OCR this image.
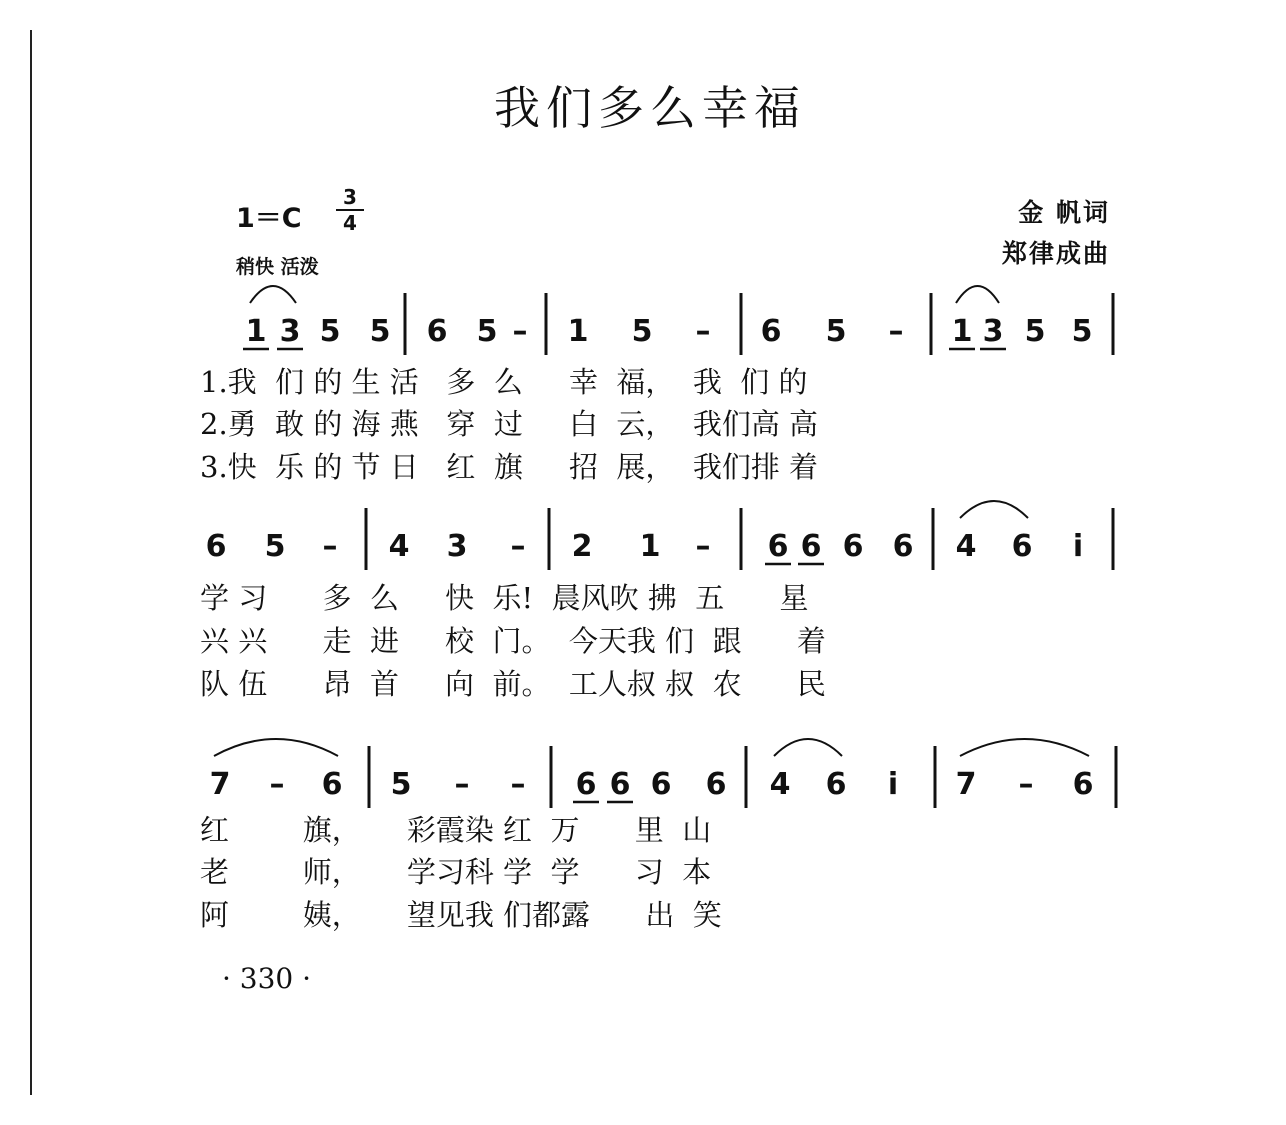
我们多么幸福
1＝C
3
4
稍快 活泼
金 帆词
郑律成曲
1 3 5 5 6 5 – 1 5 – 6 5 – 1 3 5 5
6 5 – 4 3 – 2 1 – 6 6 6 6 4 6 i
7 – 6 5 – – 6 6 6 6 4 6 i 7 – 6
1.我  们 的 生 活   多  么     幸  福，  我  们 的
2.勇  敢 的 海 燕   穿  过     白  云，  我们高 高
3.快  乐 的 节 日   红  旗     招  展，  我们排 着
学 习      多  么     快  乐!  晨风吹 拂  五      星
兴 兴      走  进     校  门。  今天我 们  跟      着
队 伍      昂  首     向  前。  工人叔 叔  农      民
红        旗，     彩霞染 红  万      里  山
老        师，     学习科 学  学      习  本
阿        姨，     望见我 们都露      出  笑
· 330 ·
